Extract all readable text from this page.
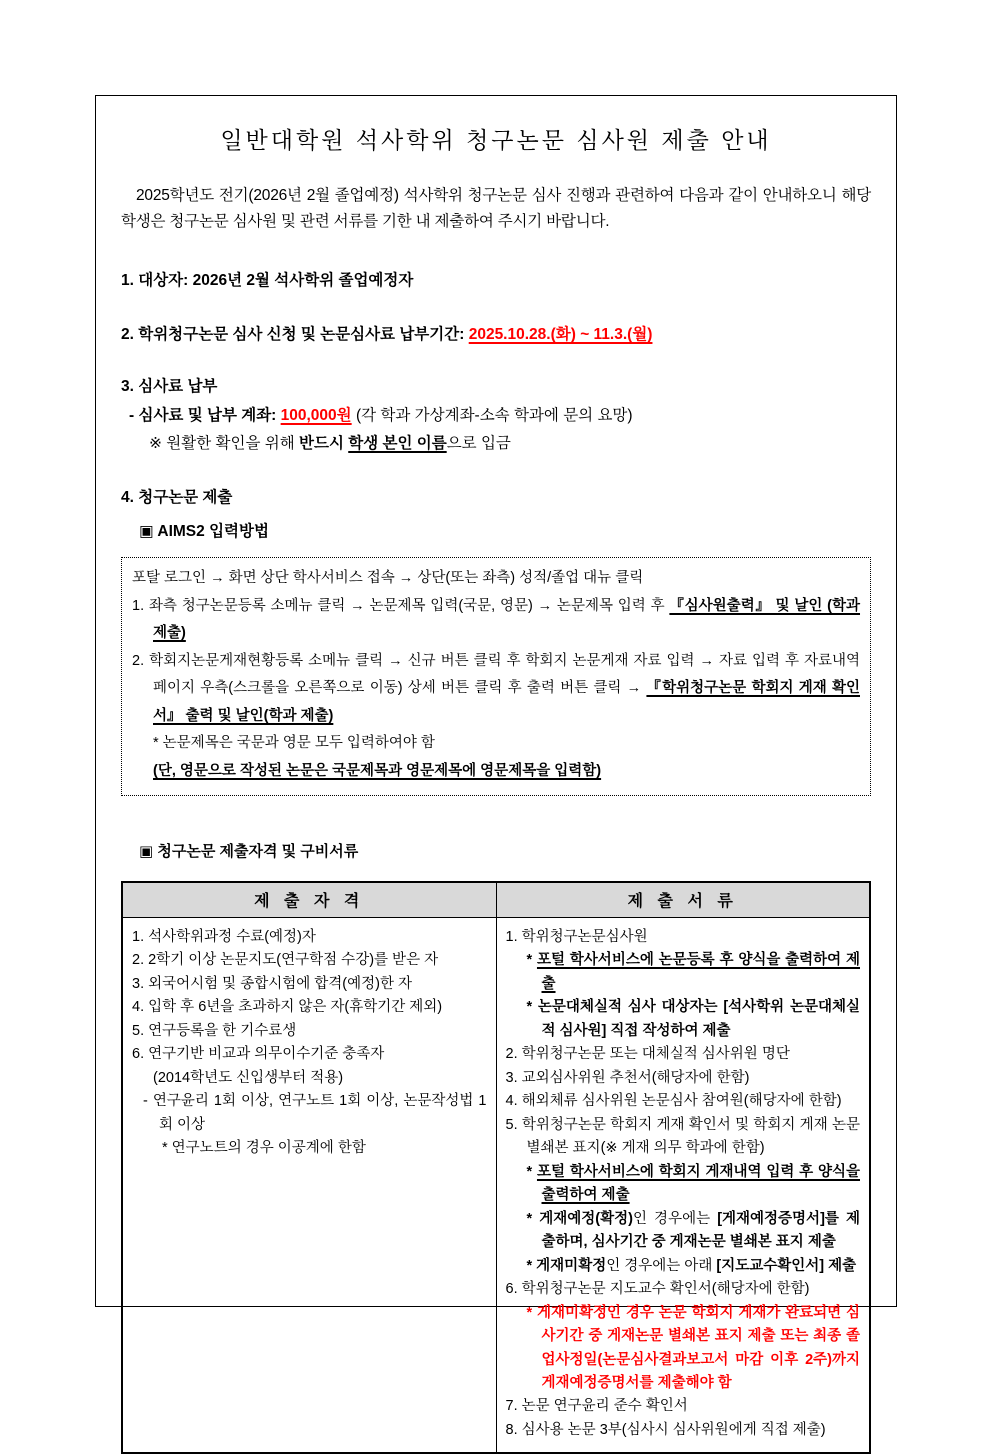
일반대학원 석사학위 청구논문 심사원 제출 안내
2025학년도 전기(2026년 2월 졸업예정) 석사학위 청구논문 심사 진행과 관련하여 다음과 같이 안내하오니 해당 학생은 청구논문 심사원 및 관련 서류를 기한 내 제출하여 주시기 바랍니다.
1. 대상자: 2026년 2월 석사학위 졸업예정자
2. 학위청구논문 심사 신청 및 논문심사료 납부기간: 2025.10.28.(화) ~ 11.3.(월)
3. 심사료 납부
- 심사료 및 납부 계좌: 100,000원 (각 학과 가상계좌-소속 학과에 문의 요망)
※ 원활한 확인을 위해 반드시 학생 본인 이름으로 입금
4. 청구논문 제출
▣ AIMS2 입력방법
포탈 로그인 → 화면 상단 학사서비스 접속 → 상단(또는 좌측) 성적/졸업 대뉴 클릭
1. 좌측 청구논문등록 소메뉴 클릭 → 논문제목 입력(국문, 영문) → 논문제목 입력 후 『심사원출력』 및 날인 (학과 제출)
2. 학회지논문게재현황등록 소메뉴 클릭 → 신규 버튼 클릭 후 학회지 논문게재 자료 입력 → 자료 입력 후 자료내역 페이지 우측(스크롤을 오른쪽으로 이동) 상세 버튼 클릭 후 출력 버튼 클릭 → 『학위청구논문 학회지 게재 확인서』 출력 및 날인(학과 제출)
* 논문제목은 국문과 영문 모두 입력하여야 함
(단, 영문으로 작성된 논문은 국문제목과 영문제목에 영문제목을 입력함)
▣ 청구논문 제출자격 및 구비서류
제 출 자 격	제 출 서 류

1. 석사학위과정 수료(예정)자
2. 2학기 이상 논문지도(연구학점 수강)를 받은 자
3. 외국어시험 및 종합시험에 합격(예정)한 자
4. 입학 후 6년을 초과하지 않은 자(휴학기간 제외)
5. 연구등록을 한 기수료생
6. 연구기반 비교과 의무이수기준 충족자
(2014학년도 신입생부터 적용)
- 연구윤리 1회 이상, 연구노트 1회 이상, 논문작성법 1회 이상
* 연구노트의 경우 이공계에 한함

1. 학위청구논문심사원
* 포털 학사서비스에 논문등록 후 양식을 출력하여 제출
* 논문대체실적 심사 대상자는 [석사학위 논문대체실적 심사원] 직접 작성하여 제출
2. 학위청구논문 또는 대체실적 심사위원 명단
3. 교외심사위원 추천서(해당자에 한함)
4. 해외체류 심사위원 논문심사 참여원(해당자에 한함)
5. 학위청구논문 학회지 게재 확인서 및 학회지 게재 논문 별쇄본 표지(※ 게재 의무 학과에 한함)
* 포털 학사서비스에 학회지 게재내역 입력 후 양식을 출력하여 제출
* 게재예정(확정)인 경우에는 [게재예정증명서]를 제출하며, 심사기간 중 게재논문 별쇄본 표지 제출
* 게재미확정인 경우에는 아래 [지도교수확인서] 제출
6. 학위청구논문 지도교수 확인서(해당자에 한함)
* 게재미확정인 경우 논문 학회지 게재가 완료되면 심사기간 중 게재논문 별쇄본 표지 제출 또는 최종 졸업사정일(논문심사결과보고서 마감 이후 2주)까지 게재예정증명서를 제출해야 함
7. 논문 연구윤리 준수 확인서
8. 심사용 논문 3부(심사시 심사위원에게 직접 제출)
